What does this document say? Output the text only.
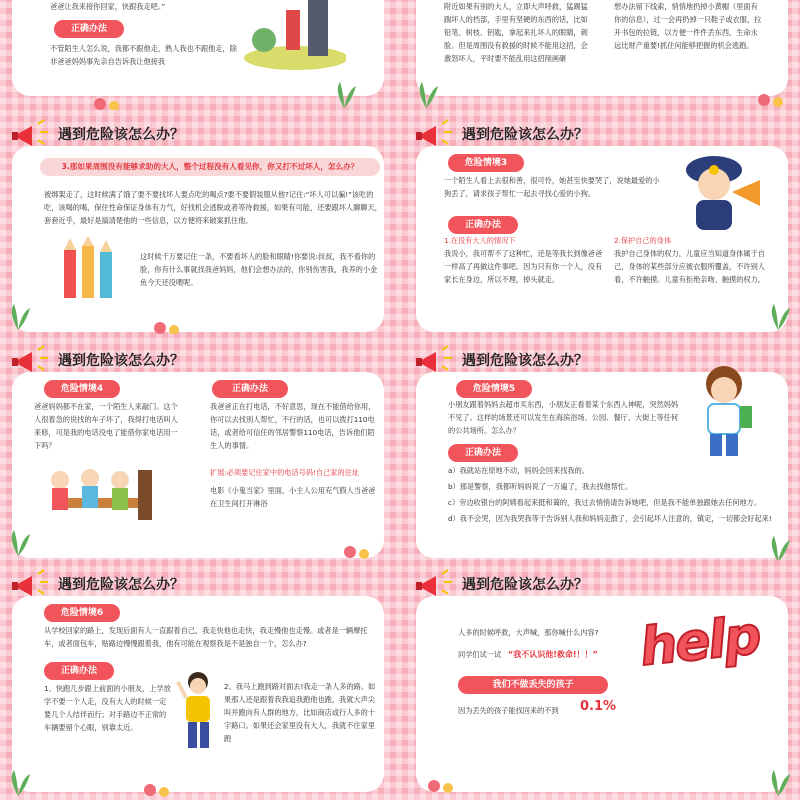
爸爸让我来接你回家，快跟我走吧。”
正确办法
不管陌生人怎么说，我都不跟他走，熟人我也不跟他走，除非爸爸妈妈事先亲自告诉我让他接我
附近如果有别的大人，立即大声呼救，猛踢猛踹坏人的档部，手里有坚硬的东西的话，比如铅笔、树枝、钥匙，拿起来扎坏人的眼睛，刺脸。但是周围没有救援的时候不能用这招，会激怒坏人，平时要不能乱用这招削画砸
想办法留下线索，悄悄地扔掉小黄帽（里面有你的信息），过一会再扔掉一只鞋子或衣服，拉开书包的拉链，以方便一件件丢东西，生命永远比财产重要!抓住何能够把握的机会逃跑。
遇到危险该怎么办？
3.那如果周围没有能够求助的大人，整个过程没有人看见你，你又打不过坏人，怎么办？
被绑架走了，这时候满了饿了要不要找坏人要点吃的喝点?要不要假装服从他?记住:“坏人可以骗!”该吃的吃，该喝的喝，保住性命保证身体有力气，好找机会逃脱或者等待救援，如果有可能，还要跟坏人聊聊天，套套近乎，最好是搞清楚他的一些信息，以方便将来破案抓住他。
这时候千万要记住一条，不要看坏人的脸和眼睛!你要说:叔叔，我不看你的脸，你有什么事就找我爸妈妈，他们会想办法的，你别伤害我，我养的小金鱼今天还没喂呢。
遇到危险该怎么办？
危险情境3
一个陌生人看上去很和善，很可怜，她甚至快要哭了，说她最爱的小狗丢了，请求孩子帮忙一起去寻找心爱的小狗。
正确办法
1.在没有大人的情况下
我说小，我可帮不了这种忙，还是等我长到像爸爸一样高了再做这件事吧。因为只有你一个人，没有家长在身边，所以不理，掉头就走。
2.保护自己的身体
我护自己身体的权力，儿童应当知道身体属于自己，身体的某些部分应被衣服所覆盖，不许别人看，不许触摸。儿童有拒绝亲吻、触摸的权力。
遇到危险该怎么办？
危险情境4
爸爸妈妈都不在家，一个陌生人来敲门。这个人很着急的说找的车子坏了，我得打电话叫人来修，可是我的电话没电了能借你家电话用一下吗？
正确办法
我爸爸正在打电话，不好意思，现在不能借给你用，你可以去找别人帮忙，不行的话，也可以拨打110电话，或者给可信任的邻居警察110电话，告诉他们陌生人的事情。
扩展:必须要记住家中的电话号码!自己家的住址
电影《小鬼当家》里面，小主人公用充气假人当爸爸在卫生间打开淋浴
遇到危险该怎么办？
危险情境5
小朋友跟着妈妈去超市买东西，小朋友正看着某个东西入神呢，突然妈妈不见了。这样的场景还可以发生在海滨浴场、公园、餐厅、大街上等任何的公共场所。怎么办？
正确办法
a）我就站在原地不动，妈妈会回来找我的。
b）那是警察，我都听妈妈说了一万遍了，我去找他帮忙。
c）旁边收银台的阿姨看起来挺和蔼的，我过去悄悄请告诉她吧，但是我不能单独跟她去任何地方。
d）我不会哭，因为我哭我等于告诉别人我和妈妈走散了，会引起坏人注意的，镇定，一切都会好起来!
遇到危险该怎么办？
危险情境6
从学校回家的路上，发现后面有人一直跟着自己，我走快他也走快，我走慢他也走慢。或者是一辆摩托车，或者面包车，贴路边慢慢跟着我，他有可能在观察我是不是独自一个，怎么办?
正确办法
1、快跑几步跟上前面的小朋友，上学放学不要一个人走，没有大人的时候一定要几个人结伴而行；对手路边不正常的车辆要留个心眼，别靠太近。
2、我马上跑到路对面去!我走一条人多的路。如果那人还是跟着我我追我跑他也跑，我就大声尖叫并跑向有人群的地方，比如商店或行人多的十字路口。如果还会家里没有大人，我就不往家里跑
遇到危险该怎么办？
人多的时候呼救，大声喊，那你喊什么内容?
同学们试一试 “我不认识他!救命!！！”
我们不做丢失的孩子
因为丢失的孩子能找回来的不到	0.1%
help
